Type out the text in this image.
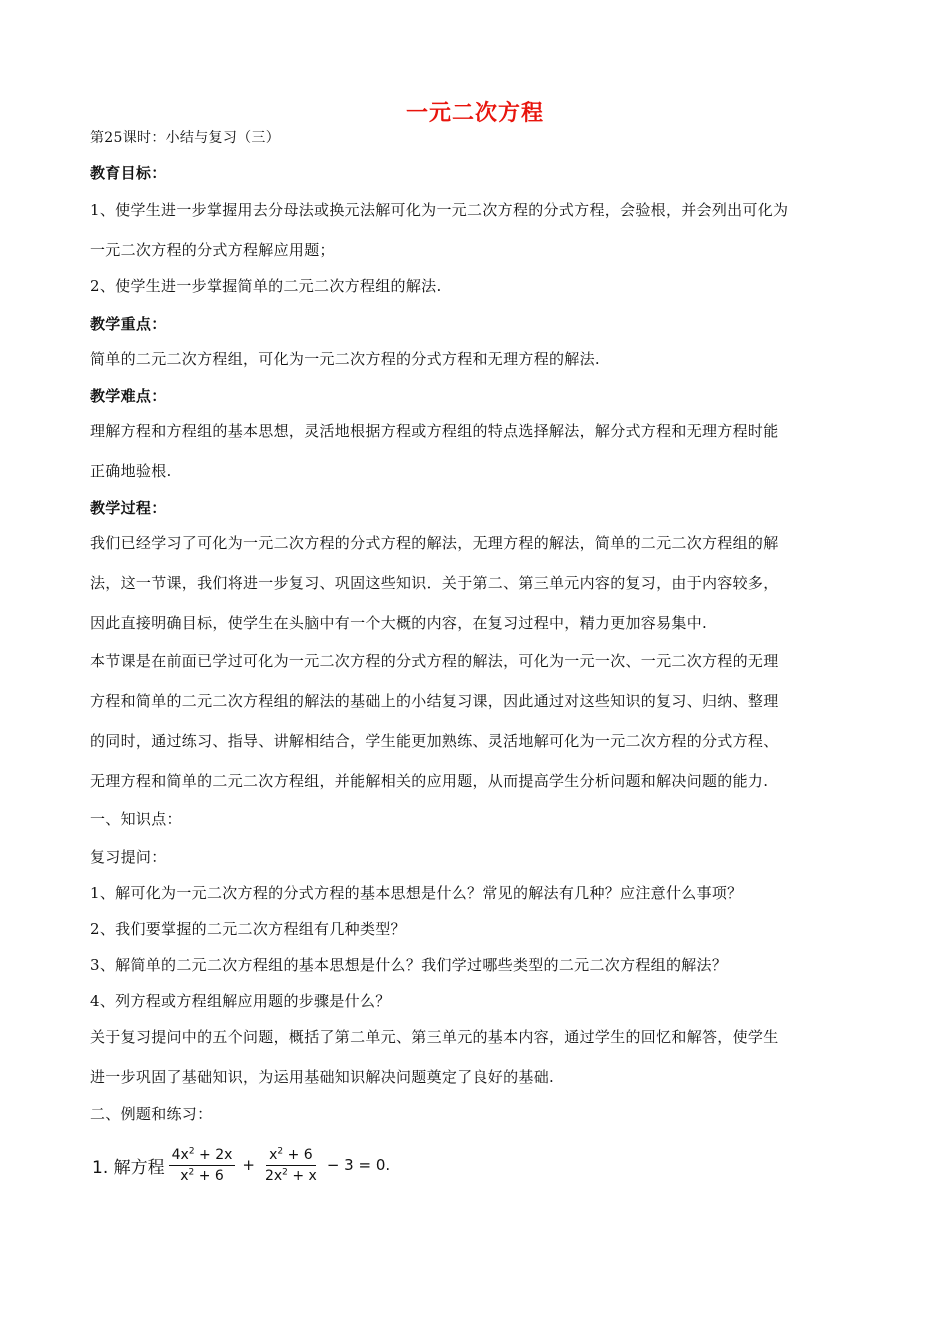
一元二次方程
第25课时：小结与复习（三）
教育目标：
1、使学生进一步掌握用去分母法或换元法解可化为一元二次方程的分式方程，会验根，并会列出可化为
一元二次方程的分式方程解应用题；
2、使学生进一步掌握简单的二元二次方程组的解法.
教学重点：
简单的二元二次方程组，可化为一元二次方程的分式方程和无理方程的解法.
教学难点：
理解方程和方程组的基本思想，灵活地根据方程或方程组的特点选择解法，解分式方程和无理方程时能
正确地验根.
教学过程：
我们已经学习了可化为一元二次方程的分式方程的解法，无理方程的解法，简单的二元二次方程组的解
法，这一节课，我们将进一步复习、巩固这些知识．关于第二、第三单元内容的复习，由于内容较多，
因此直接明确目标，使学生在头脑中有一个大概的内容，在复习过程中，精力更加容易集中.
本节课是在前面已学过可化为一元二次方程的分式方程的解法，可化为一元一次、一元二次方程的无理
方程和简单的二元二次方程组的解法的基础上的小结复习课，因此通过对这些知识的复习、归纳、整理
的同时，通过练习、指导、讲解相结合，学生能更加熟练、灵活地解可化为一元二次方程的分式方程、
无理方程和简单的二元二次方程组，并能解相关的应用题，从而提高学生分析问题和解决问题的能力.
一、知识点：
复习提问：
1、解可化为一元二次方程的分式方程的基本思想是什么？常见的解法有几种？应注意什么事项？
2、我们要掌握的二元二次方程组有几种类型？
3、解简单的二元二次方程组的基本思想是什么？我们学过哪些类型的二元二次方程组的解法？
4、列方程或方程组解应用题的步骤是什么？
关于复习提问中的五个问题，概括了第二单元、第三单元的基本内容，通过学生的回忆和解答，使学生
进一步巩固了基础知识，为运用基础知识解决问题奠定了良好的基础.
二、例题和练习：
1. 解方程 $\frac{4x^2 + 2x}{x^2 + 6} + \frac{x^2 + 6}{2x^2 + x} - 3 = 0$.
